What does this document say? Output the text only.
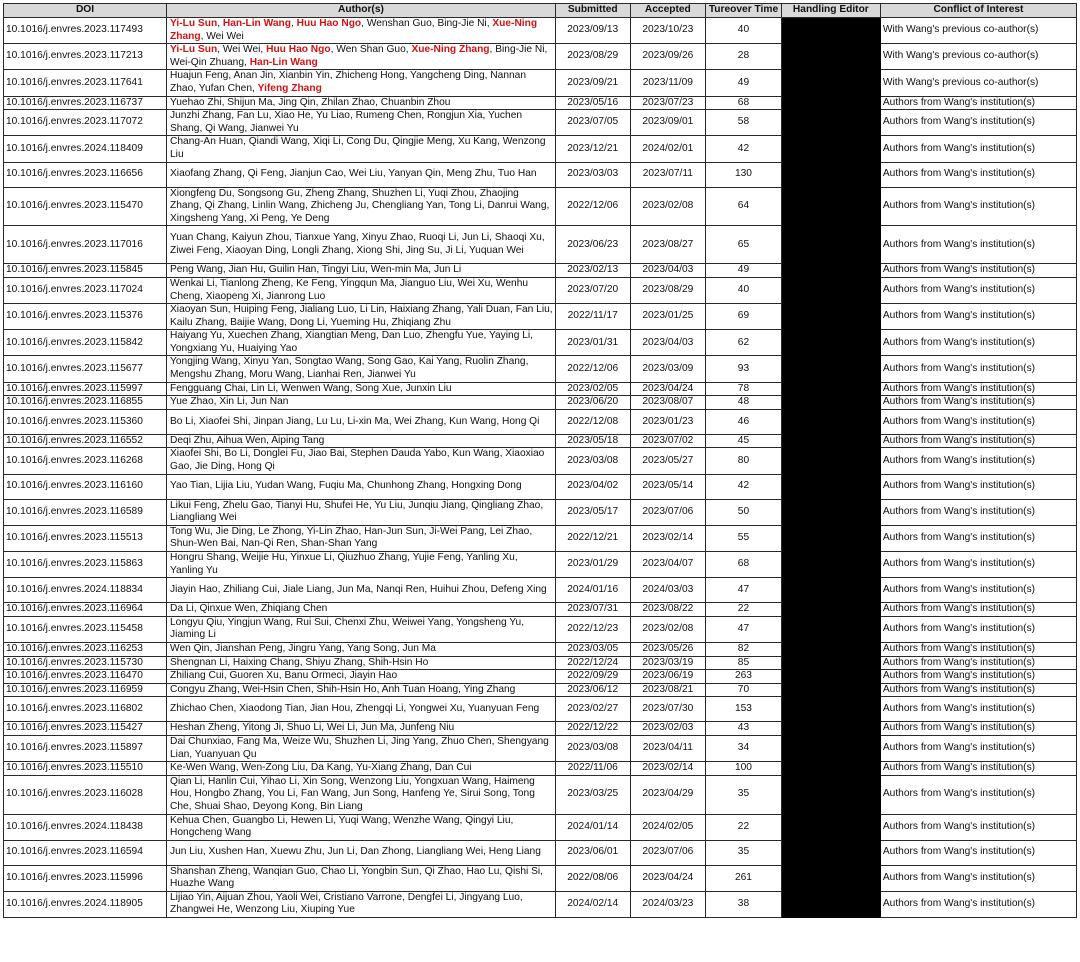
DOI	Author(s)	Submitted	Accepted	Tureover Time	Handling Editor	Conflict of Interest
10.1016/j.envres.2023.117493	Yi-Lu Sun, Han-Lin Wang, Huu Hao Ngo, Wenshan Guo, Bing-Jie Ni, Xue-Ning Zhang, Wei Wei	2023/09/13	2023/10/23	40		With Wang's previous co-author(s)
10.1016/j.envres.2023.117213	Yi-Lu Sun, Wei Wei, Huu Hao Ngo, Wen Shan Guo, Xue-Ning Zhang, Bing-Jie Ni, Wei-Qin Zhuang, Han-Lin Wang	2023/08/29	2023/09/26	28		With Wang's previous co-author(s)
10.1016/j.envres.2023.117641	Huajun Feng, Anan Jin, Xianbin Yin, Zhicheng Hong, Yangcheng Ding, Nannan Zhao, Yufan Chen, Yifeng Zhang	2023/09/21	2023/11/09	49		With Wang's previous co-author(s)
10.1016/j.envres.2023.116737	Yuehao Zhi, Shijun Ma, Jing Qin, Zhilan Zhao, Chuanbin Zhou	2023/05/16	2023/07/23	68		Authors from Wang's institution(s)
10.1016/j.envres.2023.117072	Junzhi Zhang, Fan Lu, Xiao He, Yu Liao, Rumeng Chen, Rongjun Xia, Yuchen Shang, Qi Wang, Jianwei Yu	2023/07/05	2023/09/01	58		Authors from Wang's institution(s)
10.1016/j.envres.2024.118409	Chang-An Huan, Qiandi Wang, Xiqi Li, Cong Du, Qingjie Meng, Xu Kang, Wenzong Liu	2023/12/21	2024/02/01	42		Authors from Wang's institution(s)
10.1016/j.envres.2023.116656	Xiaofang Zhang, Qi Feng, Jianjun Cao, Wei Liu, Yanyan Qin, Meng Zhu, Tuo Han	2023/03/03	2023/07/11	130		Authors from Wang's institution(s)
10.1016/j.envres.2023.115470	Xiongfeng Du, Songsong Gu, Zheng Zhang, Shuzhen Li, Yuqi Zhou, Zhaojing Zhang, Qi Zhang, Linlin Wang, Zhicheng Ju, Chengliang Yan, Tong Li, Danrui Wang, Xingsheng Yang, Xi Peng, Ye Deng	2022/12/06	2023/02/08	64		Authors from Wang's institution(s)
10.1016/j.envres.2023.117016	Yuan Chang, Kaiyun Zhou, Tianxue Yang, Xinyu Zhao, Ruoqi Li, Jun Li, Shaoqi Xu, Ziwei Feng, Xiaoyan Ding, Longli Zhang, Xiong Shi, Jing Su, Ji Li, Yuquan Wei	2023/06/23	2023/08/27	65		Authors from Wang's institution(s)
10.1016/j.envres.2023.115845	Peng Wang, Jian Hu, Guilin Han, Tingyi Liu, Wen-min Ma, Jun Li	2023/02/13	2023/04/03	49		Authors from Wang's institution(s)
10.1016/j.envres.2023.117024	Wenkai Li, Tianlong Zheng, Ke Feng, Yingqun Ma, Jianguo Liu, Wei Xu, Wenhu Cheng, Xiaopeng Xi, Jianrong Luo	2023/07/20	2023/08/29	40		Authors from Wang's institution(s)
10.1016/j.envres.2023.115376	Xiaoyan Sun, Huiping Feng, Jialiang Luo, Li Lin, Haixiang Zhang, Yali Duan, Fan Liu, Kailu Zhang, Baijie Wang, Dong Li, Yueming Hu, Zhiqiang Zhu	2022/11/17	2023/01/25	69		Authors from Wang's institution(s)
10.1016/j.envres.2023.115842	Haiyang Yu, Xuechen Zhang, Xiangtian Meng, Dan Luo, Zhengfu Yue, Yaying Li, Yongxiang Yu, Huaiying Yao	2023/01/31	2023/04/03	62		Authors from Wang's institution(s)
10.1016/j.envres.2023.115677	Yongjing Wang, Xinyu Yan, Songtao Wang, Song Gao, Kai Yang, Ruolin Zhang, Mengshu Zhang, Moru Wang, Lianhai Ren, Jianwei Yu	2022/12/06	2023/03/09	93		Authors from Wang's institution(s)
10.1016/j.envres.2023.115997	Fengguang Chai, Lin Li, Wenwen Wang, Song Xue, Junxin Liu	2023/02/05	2023/04/24	78		Authors from Wang's institution(s)
10.1016/j.envres.2023.116855	Yue Zhao, Xin Li, Jun Nan	2023/06/20	2023/08/07	48		Authors from Wang's institution(s)
10.1016/j.envres.2023.115360	Bo Li, Xiaofei Shi, Jinpan Jiang, Lu Lu, Li-xin Ma, Wei Zhang, Kun Wang, Hong Qi	2022/12/08	2023/01/23	46		Authors from Wang's institution(s)
10.1016/j.envres.2023.116552	Deqi Zhu, Aihua Wen, Aiping Tang	2023/05/18	2023/07/02	45		Authors from Wang's institution(s)
10.1016/j.envres.2023.116268	Xiaofei Shi, Bo Li, Donglei Fu, Jiao Bai, Stephen Dauda Yabo, Kun Wang, Xiaoxiao Gao, Jie Ding, Hong Qi	2023/03/08	2023/05/27	80		Authors from Wang's institution(s)
10.1016/j.envres.2023.116160	Yao Tian, Lijia Liu, Yudan Wang, Fuqiu Ma, Chunhong Zhang, Hongxing Dong	2023/04/02	2023/05/14	42		Authors from Wang's institution(s)
10.1016/j.envres.2023.116589	Likui Feng, Zhelu Gao, Tianyi Hu, Shufei He, Yu Liu, Junqiu Jiang, Qingliang Zhao, Liangliang Wei	2023/05/17	2023/07/06	50		Authors from Wang's institution(s)
10.1016/j.envres.2023.115513	Tong Wu, Jie Ding, Le Zhong, Yi-Lin Zhao, Han-Jun Sun, Ji-Wei Pang, Lei Zhao, Shun-Wen Bai, Nan-Qi Ren, Shan-Shan Yang	2022/12/21	2023/02/14	55		Authors from Wang's institution(s)
10.1016/j.envres.2023.115863	Hongru Shang, Weijie Hu, Yinxue Li, Qiuzhuo Zhang, Yujie Feng, Yanling Xu, Yanling Yu	2023/01/29	2023/04/07	68		Authors from Wang's institution(s)
10.1016/j.envres.2024.118834	Jiayin Hao, Zhiliang Cui, Jiale Liang, Jun Ma, Nanqi Ren, Huihui Zhou, Defeng Xing	2024/01/16	2024/03/03	47		Authors from Wang's institution(s)
10.1016/j.envres.2023.116964	Da Li, Qinxue Wen, Zhiqiang Chen	2023/07/31	2023/08/22	22		Authors from Wang's institution(s)
10.1016/j.envres.2023.115458	Longyu Qiu, Yingjun Wang, Rui Sui, Chenxi Zhu, Weiwei Yang, Yongsheng Yu, Jiaming Li	2022/12/23	2023/02/08	47		Authors from Wang's institution(s)
10.1016/j.envres.2023.116253	Wen Qin, Jianshan Peng, Jingru Yang, Yang Song, Jun Ma	2023/03/05	2023/05/26	82		Authors from Wang's institution(s)
10.1016/j.envres.2023.115730	Shengnan Li, Haixing Chang, Shiyu Zhang, Shih-Hsin Ho	2022/12/24	2023/03/19	85		Authors from Wang's institution(s)
10.1016/j.envres.2023.116470	Zhiliang Cui, Guoren Xu, Banu Ormeci, Jiayin Hao	2022/09/29	2023/06/19	263		Authors from Wang's institution(s)
10.1016/j.envres.2023.116959	Congyu Zhang, Wei-Hsin Chen, Shih-Hsin Ho, Anh Tuan Hoang, Ying Zhang	2023/06/12	2023/08/21	70		Authors from Wang's institution(s)
10.1016/j.envres.2023.116802	Zhichao Chen, Xiaodong Tian, Jian Hou, Zhengqi Li, Yongwei Xu, Yuanyuan Feng	2023/02/27	2023/07/30	153		Authors from Wang's institution(s)
10.1016/j.envres.2023.115427	Heshan Zheng, Yitong Ji, Shuo Li, Wei Li, Jun Ma, Junfeng Niu	2022/12/22	2023/02/03	43		Authors from Wang's institution(s)
10.1016/j.envres.2023.115897	Dai Chunxiao, Fang Ma, Weize Wu, Shuzhen Li, Jing Yang, Zhuo Chen, Shengyang Lian, Yuanyuan Qu	2023/03/08	2023/04/11	34		Authors from Wang's institution(s)
10.1016/j.envres.2023.115510	Ke-Wen Wang, Wen-Zong Liu, Da Kang, Yu-Xiang Zhang, Dan Cui	2022/11/06	2023/02/14	100		Authors from Wang's institution(s)
10.1016/j.envres.2023.116028	Qian Li, Hanlin Cui, Yihao Li, Xin Song, Wenzong Liu, Yongxuan Wang, Haimeng Hou, Hongbo Zhang, You Li, Fan Wang, Jun Song, Hanfeng Ye, Sirui Song, Tong Che, Shuai Shao, Deyong Kong, Bin Liang	2023/03/25	2023/04/29	35		Authors from Wang's institution(s)
10.1016/j.envres.2024.118438	Kehua Chen, Guangbo Li, Hewen Li, Yuqi Wang, Wenzhe Wang, Qingyi Liu, Hongcheng Wang	2024/01/14	2024/02/05	22		Authors from Wang's institution(s)
10.1016/j.envres.2023.116594	Jun Liu, Xushen Han, Xuewu Zhu, Jun Li, Dan Zhong, Liangliang Wei, Heng Liang	2023/06/01	2023/07/06	35		Authors from Wang's institution(s)
10.1016/j.envres.2023.115996	Shanshan Zheng, Wanqian Guo, Chao Li, Yongbin Sun, Qi Zhao, Hao Lu, Qishi Si, Huazhe Wang	2022/08/06	2023/04/24	261		Authors from Wang's institution(s)
10.1016/j.envres.2024.118905	Lijiao Yin, Aijuan Zhou, Yaoli Wei, Cristiano Varrone, Dengfei Li, Jingyang Luo, Zhangwei He, Wenzong Liu, Xiuping Yue	2024/02/14	2024/03/23	38		Authors from Wang's institution(s)
